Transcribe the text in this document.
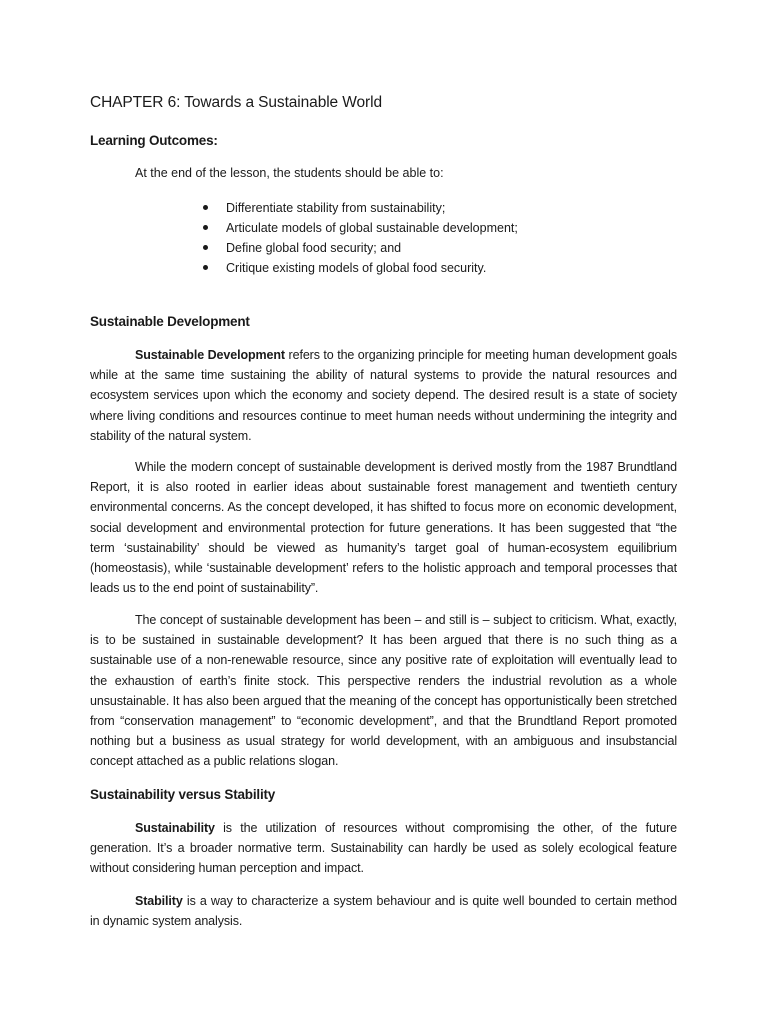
CHAPTER 6: Towards a Sustainable World
Learning Outcomes:

At the end of the lesson, the students should be able to:

Differentiate stability from sustainability;
Articulate models of global sustainable development;
Define global food security; and
Critique existing models of global food security.
Sustainable Development

Sustainable Development refers to the organizing principle for meeting human development goals while at the same time sustaining the ability of natural systems to provide the natural resources and ecosystem services upon which the economy and society depend. The desired result is a state of society where living conditions and resources continue to meet human needs without undermining the integrity and stability of the natural system.

While the modern concept of sustainable development is derived mostly from the 1987 Brundtland Report, it is also rooted in earlier ideas about sustainable forest management and twentieth century environmental concerns. As the concept developed, it has shifted to focus more on economic development, social development and environmental protection for future generations. It has been suggested that “the term ‘sustainability’ should be viewed as humanity’s target goal of human-ecosystem equilibrium (homeostasis), while ‘sustainable development’ refers to the holistic approach and temporal processes that leads us to the end point of sustainability”.

The concept of sustainable development has been – and still is – subject to criticism. What, exactly, is to be sustained in sustainable development? It has been argued that there is no such thing as a sustainable use of a non-renewable resource, since any positive rate of exploitation will eventually lead to the exhaustion of earth’s finite stock. This perspective renders the industrial revolution as a whole unsustainable. It has also been argued that the meaning of the concept has opportunistically been stretched from “conservation management” to “economic development”, and that the Brundtland Report promoted nothing but a business as usual strategy for world development, with an ambiguous and insubstancial concept attached as a public relations slogan.

Sustainability versus Stability

Sustainability is the utilization of resources without compromising the other, of the future generation. It’s a broader normative term. Sustainability can hardly be used as solely ecological feature without considering human perception and impact.

Stability is a way to characterize a system behaviour and is quite well bounded to certain method in dynamic system analysis.
